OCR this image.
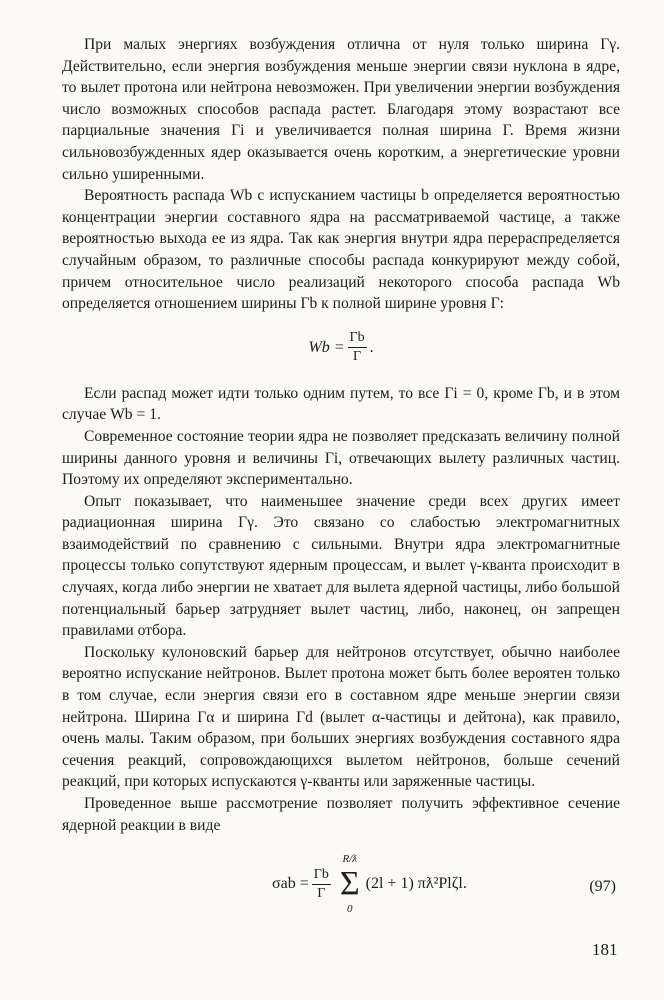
При малых энергиях возбуждения отлична от нуля только ширина Γγ. Действительно, если энергия возбуждения меньше энергии связи нуклона в ядре, то вылет протона или нейтрона невозможен. При увеличении энергии возбуждения число возможных способов распада растет. Благодаря этому возрастают все парциальные значения Γi и увеличивается полная ширина Γ. Время жизни сильновозбужденных ядер оказывается очень коротким, а энергетические уровни сильно уширенными.

Вероятность распада Wb с испусканием частицы b определяется вероятностью концентрации энергии составного ядра на рассматриваемой частице, а также вероятностью выхода ее из ядра. Так как энергия внутри ядра перераспределяется случайным образом, то различные способы распада конкурируют между собой, причем относительное число реализаций некоторого способа распада Wb определяется отношением ширины Γb к полной ширине уровня Γ:

$Wb = \frac{\Gamma b}{\Gamma}$ .

Если распад может идти только одним путем, то все Γi = 0, кроме Γb, и в этом случае Wb = 1.

Современное состояние теории ядра не позволяет предсказать величину полной ширины данного уровня и величины Γi, отвечающих вылету различных частиц. Поэтому их определяют экспериментально.

Опыт показывает, что наименьшее значение среди всех других имеет радиационная ширина Γγ. Это связано со слабостью электромагнитных взаимодействий по сравнению с сильными. Внутри ядра электромагнитные процессы только сопутствуют ядерным процессам, и вылет γ-кванта происходит в случаях, когда либо энергии не хватает для вылета ядерной частицы, либо большой потенциальный барьер затрудняет вылет частиц, либо, наконец, он запрещен правилами отбора.

Поскольку кулоновский барьер для нейтронов отсутствует, обычно наиболее вероятно испускание нейтронов. Вылет протона может быть более вероятен только в том случае, если энергия связи его в составном ядре меньше энергии связи нейтрона. Ширина Γα и ширина Γd (вылет α-частицы и дейтона), как правило, очень малы. Таким образом, при больших энергиях возбуждения составного ядра сечения реакций, сопровождающихся вылетом нейтронов, больше сечений реакций, при которых испускаются γ-кванты или заряженные частицы.

Проведенное выше рассмотрение позволяет получить эффективное сечение ядерной реакции в виде

$\sigma ab = \frac{\Gamma b}{\Gamma}$
R/ƛ
Σ
0
(2l + 1) πƛ²Plζl.	(97)
181
